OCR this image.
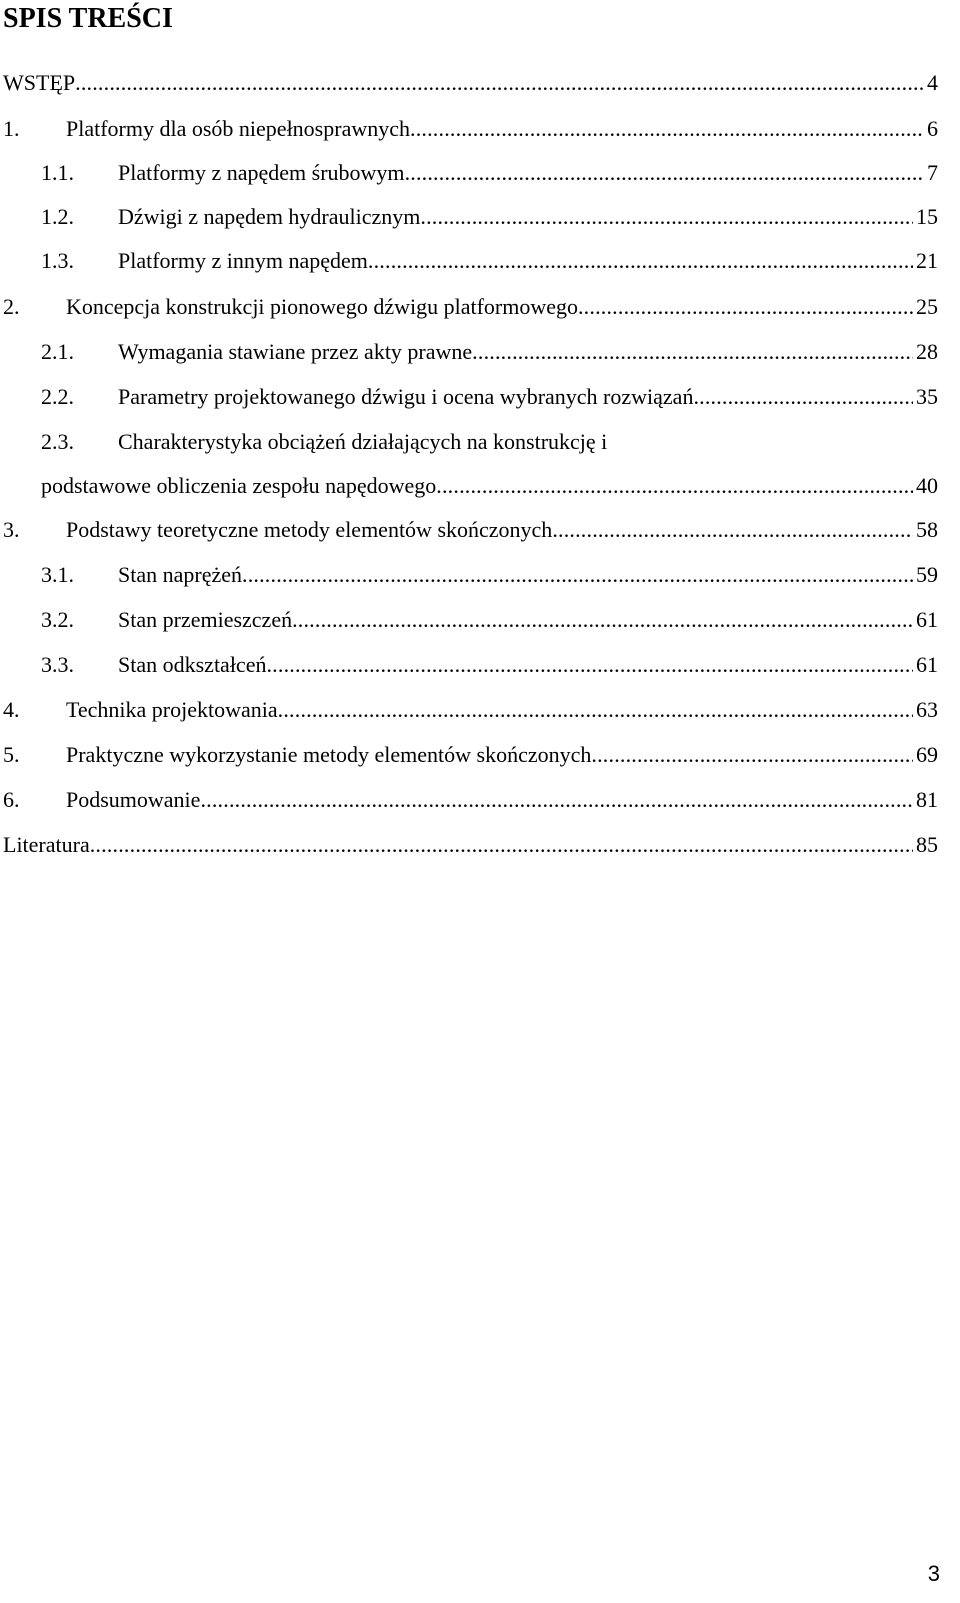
SPIS TREŚCI
WSTĘP .....	4
1. Platformy dla osób niepełnosprawnych .....	6
1.1. Platformy z napędem śrubowym .....	7
1.2. Dźwigi z napędem hydraulicznym .....	15
1.3. Platformy z innym napędem .....	21
2. Koncepcja konstrukcji pionowego dźwigu platformowego .....	25
2.1. Wymagania stawiane przez akty prawne .....	28
2.2. Parametry projektowanego dźwigu i ocena wybranych rozwiązań .....	35
2.3. Charakterystyka obciążeń działających na konstrukcję i
podstawowe obliczenia zespołu napędowego .....	40
3. Podstawy teoretyczne metody elementów skończonych .....	58
3.1. Stan naprężeń .....	59
3.2. Stan przemieszczeń .....	61
3.3. Stan odkształceń .....	61
4. Technika projektowania .....	63
5. Praktyczne wykorzystanie metody elementów skończonych .....	69
6. Podsumowanie .....	81
Literatura .....	85
3
